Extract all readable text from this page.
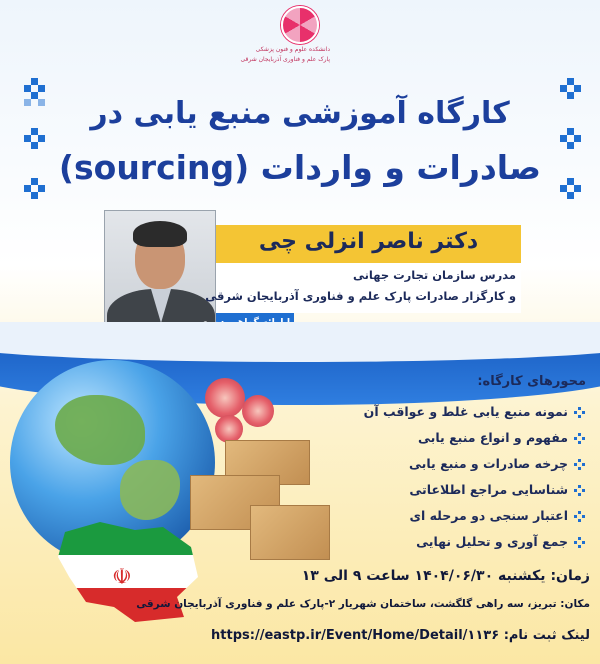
دانشکده علوم و فنون پزشکی
پارک علم و فناوری آذربایجان شرقی
کارگاه آموزشی منبع یابی در
صادرات و واردات (sourcing)
دکتر ناصر انزلی چی
مدرس سازمان تجارت جهانی
و کارگزار صادرات پارک علم و فناوری آذربایجان شرقی
☫
محورهای کارگاه:
نمونه منبع یابی غلط و عواقب آن
مفهوم و انواع منبع یابی
چرخه صادرات و منبع یابی
شناسایی مراجع اطلاعاتی
اعتبار سنجی دو مرحله ای
جمع آوری و تحلیل نهایی
زمان: یکشنبه ۱۴۰۴/۰۶/۳۰ ساعت ۹ الی ۱۳
مکان: تبریز، سه راهی گلگشت، ساختمان شهریار ۲-پارک علم و فناوری آذربایجان شرقی
لینک ثبت نام: https://eastp.ir/Event/Home/Detail/۱۱۳۶
